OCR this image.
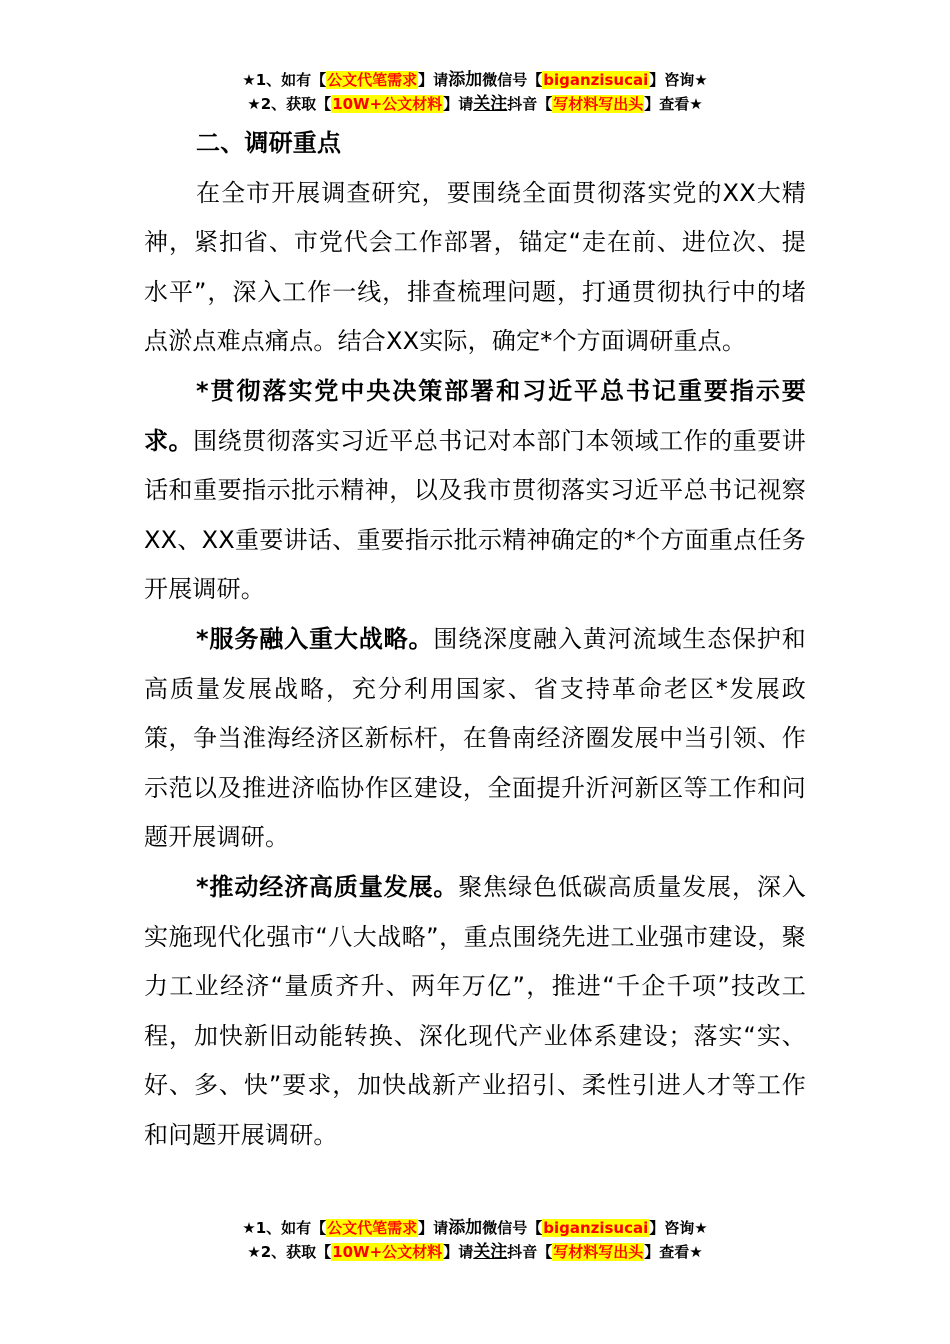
★1、如有【公文代笔需求】请添加微信号【biganzisucai】咨询★
★2、获取【10W+公文材料】请关注抖音【写材料写出头】查看★

二、调研重点

在全市开展调查研究，要围绕全面贯彻落实党的XX大精神，紧扣省、市党代会工作部署，锚定“走在前、进位次、提水平”，深入工作一线，排查梳理问题，打通贯彻执行中的堵点淤点难点痛点。结合XX实际，确定*个方面调研重点。

*贯彻落实党中央决策部署和习近平总书记重要指示要求。围绕贯彻落实习近平总书记对本部门本领域工作的重要讲话和重要指示批示精神，以及我市贯彻落实习近平总书记视察XX、XX重要讲话、重要指示批示精神确定的*个方面重点任务开展调研。

*服务融入重大战略。围绕深度融入黄河流域生态保护和高质量发展战略，充分利用国家、省支持革命老区*发展政策，争当淮海经济区新标杆，在鲁南经济圈发展中当引领、作示范以及推进济临协作区建设，全面提升沂河新区等工作和问题开展调研。

*推动经济高质量发展。聚焦绿色低碳高质量发展，深入实施现代化强市“八大战略”，重点围绕先进工业强市建设，聚力工业经济“量质齐升、两年万亿”，推进“千企千项”技改工程，加快新旧动能转换、深化现代产业体系建设；落实“实、好、多、快”要求，加快战新产业招引、柔性引进人才等工作和问题开展调研。

★1、如有【公文代笔需求】请添加微信号【biganzisucai】咨询★
★2、获取【10W+公文材料】请关注抖音【写材料写出头】查看★
